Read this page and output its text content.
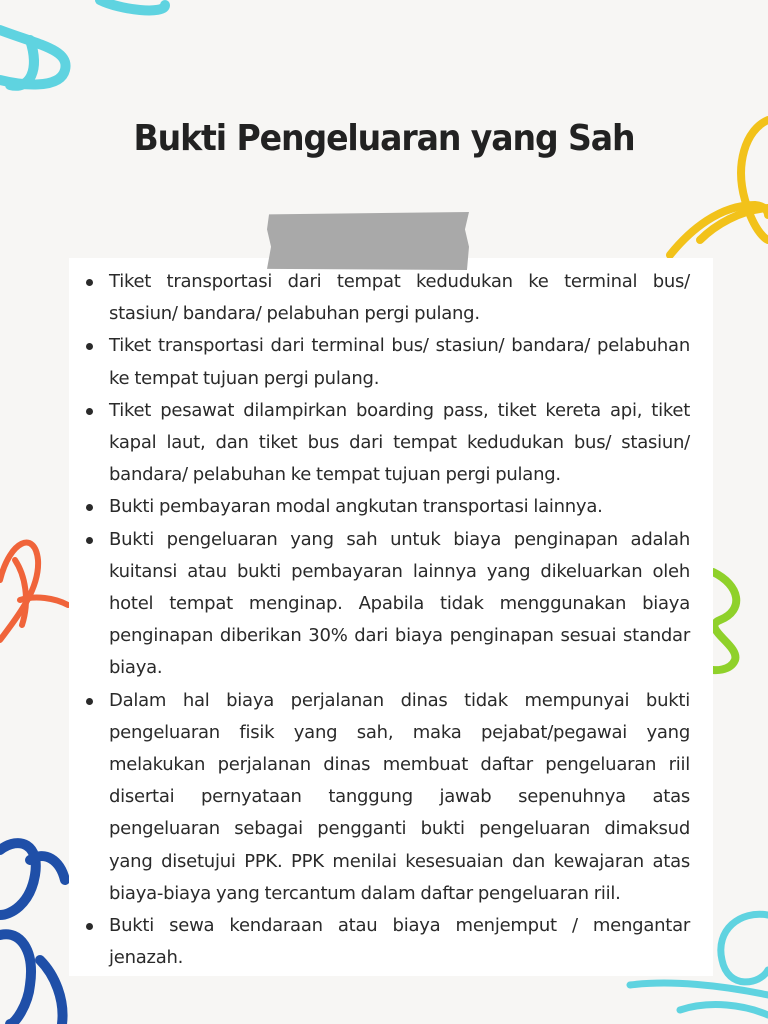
Bukti Pengeluaran yang Sah
Tiket transportasi dari tempat kedudukan ke terminal bus/ stasiun/ bandara/ pelabuhan pergi pulang.
Tiket transportasi dari terminal bus/ stasiun/ bandara/ pelabuhan ke tempat tujuan pergi pulang.
Tiket pesawat dilampirkan boarding pass, tiket kereta api, tiket kapal laut, dan tiket bus dari tempat kedudukan bus/ stasiun/ bandara/ pelabuhan ke tempat tujuan pergi pulang.
Bukti pembayaran modal angkutan transportasi lainnya.
Bukti pengeluaran yang sah untuk biaya penginapan adalah kuitansi atau bukti pembayaran lainnya yang dikeluarkan oleh hotel tempat menginap. Apabila tidak menggunakan biaya penginapan diberikan 30% dari biaya penginapan sesuai standar biaya.
Dalam hal biaya perjalanan dinas tidak mempunyai bukti pengeluaran fisik yang sah, maka pejabat/pegawai yang melakukan perjalanan dinas membuat daftar pengeluaran riil disertai pernyataan tanggung jawab sepenuhnya atas pengeluaran sebagai pengganti bukti pengeluaran dimaksud yang disetujui PPK. PPK menilai kesesuaian dan kewajaran atas biaya-biaya yang tercantum dalam daftar pengeluaran riil.
Bukti sewa kendaraan atau biaya menjemput / mengantar jenazah.
